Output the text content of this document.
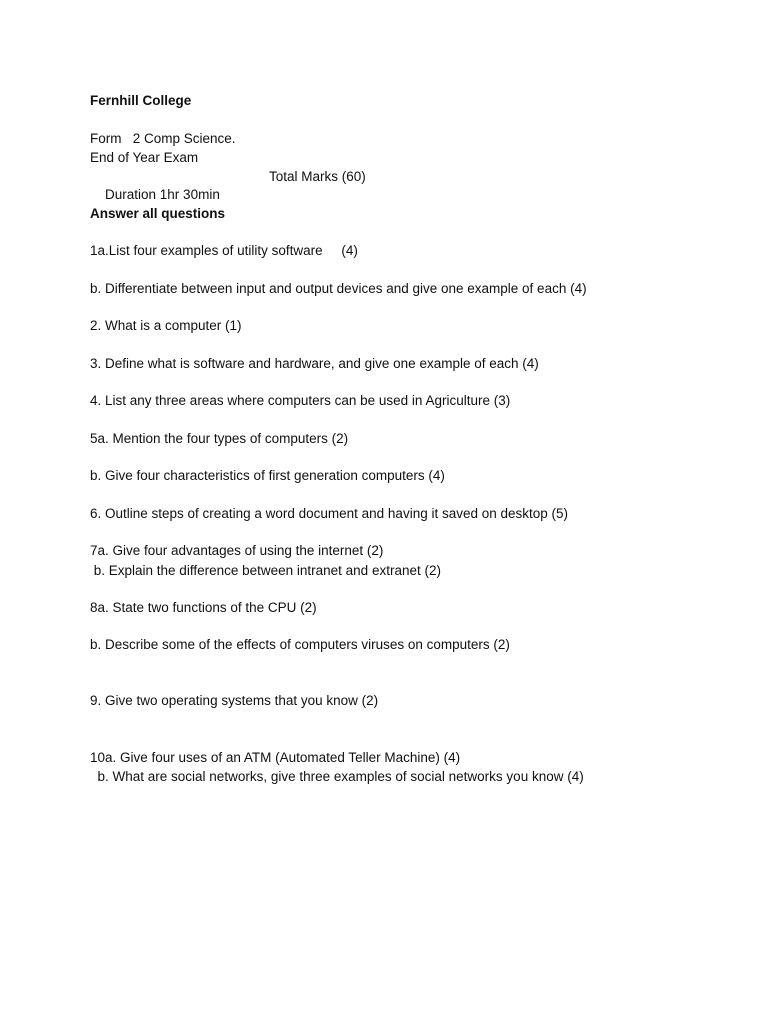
Fernhill College
Form   2 Comp Science.
End of Year Exam

Duration 1hr 30min

Total Marks (60)
Answer all questions
1a.List four examples of utility software     (4)
b. Differentiate between input and output devices and give one example of each (4)
2. What is a computer (1)
3. Define what is software and hardware, and give one example of each (4)
4. List any three areas where computers can be used in Agriculture (3)
5a. Mention the four types of computers (2)
b. Give four characteristics of first generation computers (4)
6. Outline steps of creating a word document and having it saved on desktop (5)
7a. Give four advantages of using the internet (2)
b. Explain the difference between intranet and extranet (2)
8a. State two functions of the CPU (2)
b. Describe some of the effects of computers viruses on computers (2)
9. Give two operating systems that you know (2)
10a. Give four uses of an ATM (Automated Teller Machine) (4)
b. What are social networks, give three examples of social networks you know (4)
